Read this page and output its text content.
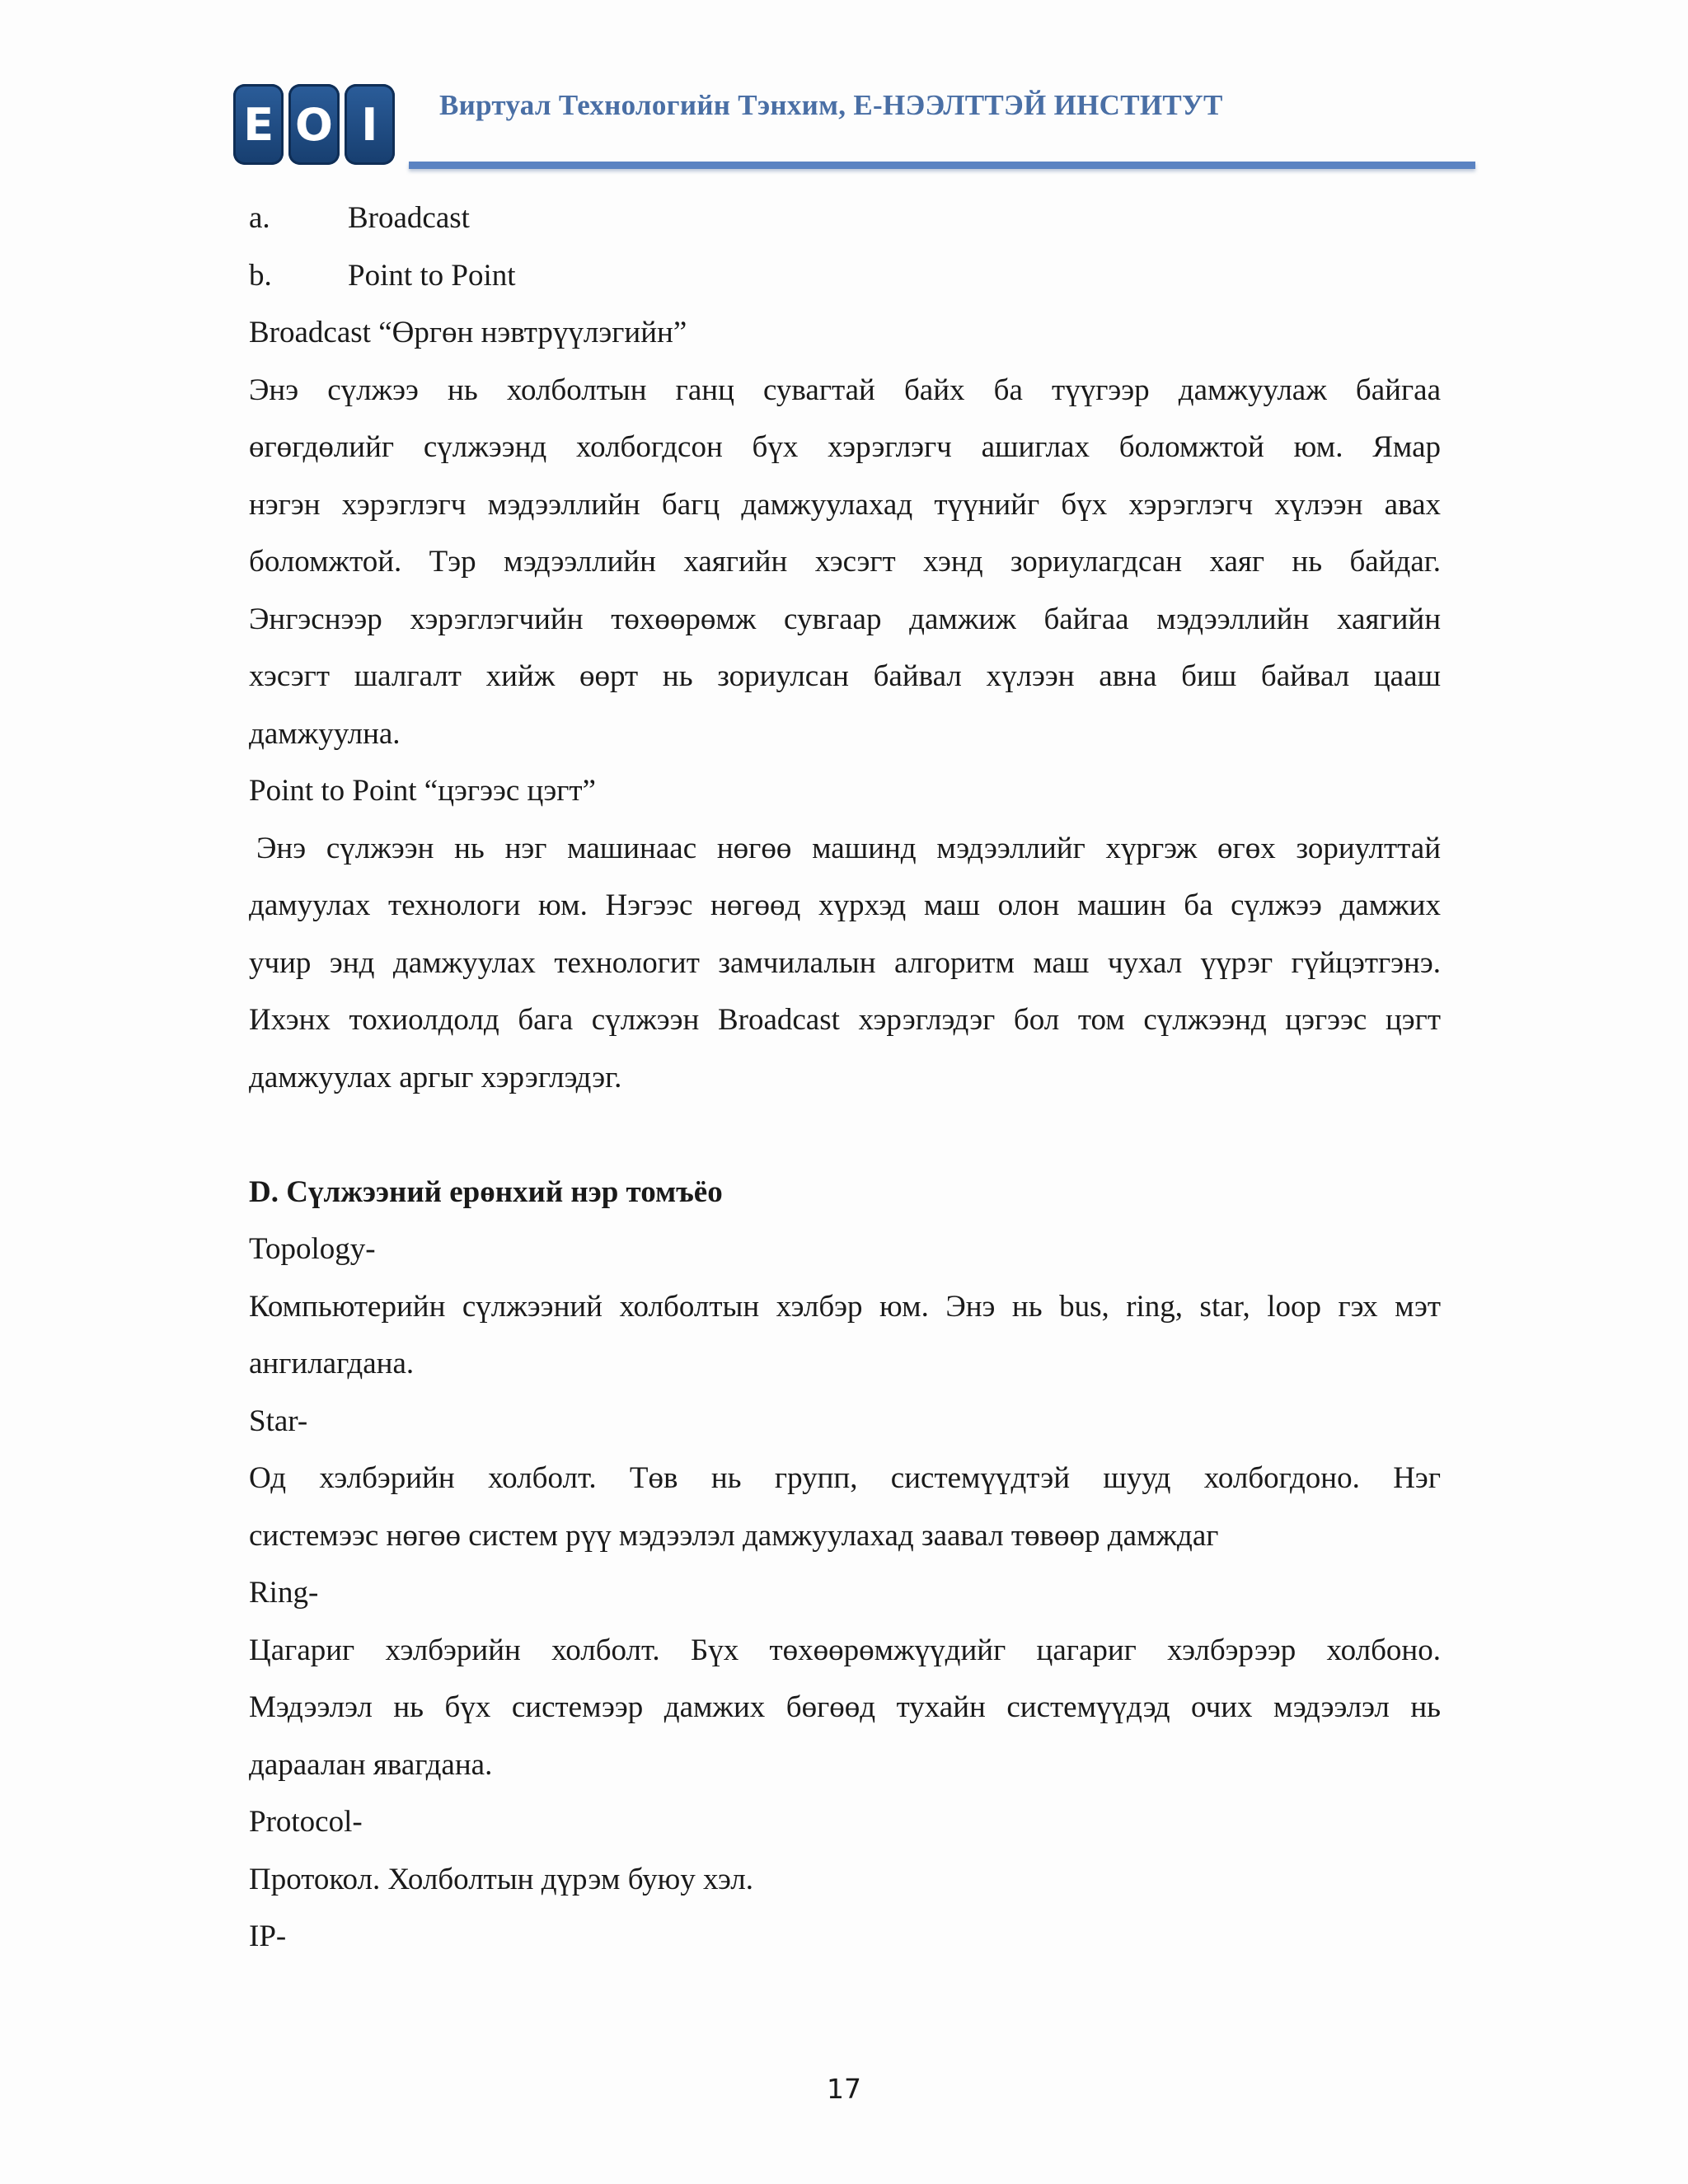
E O I	Виртуал Технологийн Тэнхим, Е-НЭЭЛТТЭЙ ИНСТИТУТ
a.	Broadcast
b. Point to Point
Broadcast “Өргөн нэвтрүүлэгийн”
Энэ сүлжээ нь холболтын ганц сувагтай байх ба түүгээр дамжуулаж байгаа
өгөгдөлийг сүлжээнд холбогдсон бүх хэрэглэгч ашиглах боломжтой юм. Ямар
нэгэн хэрэглэгч мэдээллийн багц дамжуулахад түүнийг бүх хэрэглэгч хүлээн авах
боломжтой. Тэр мэдээллийн хаягийн хэсэгт хэнд зориулагдсан хаяг нь байдаг.
Энгэснээр хэрэглэгчийн төхөөрөмж сувгаар дамжиж байгаа мэдээллийн хаягийн
хэсэгт шалгалт хийж өөрт нь зориулсан байвал хүлээн авна биш байвал цааш
дамжуулна.
Point to Point “цэгээс цэгт”
Энэ сүлжээн нь нэг машинаас нөгөө машинд мэдээллийг хүргэж өгөх зориулттай
дамуулах технологи юм. Нэгээс нөгөөд хүрхэд маш олон машин ба сүлжээ дамжих
учир энд дамжуулах технологит замчилалын алгоритм маш чухал үүрэг гүйцэтгэнэ.
Ихэнх тохиолдолд бага сүлжээн Broadcast хэрэглэдэг бол том сүлжээнд цэгээс цэгт
дамжуулах аргыг хэрэглэдэг.
D. Сүлжээний ерөнхий нэр томъёо
Topology-
Компьютерийн сүлжээний холболтын хэлбэр юм. Энэ нь bus, ring, star, loop гэх мэт
ангилагдана.
Star-
Од хэлбэрийн холболт. Төв нь групп, системүүдтэй шууд холбогдоно. Нэг
системээс нөгөө систем рүү мэдээлэл дамжуулахад заавал төвөөр дамждаг
Ring-
Цагариг хэлбэрийн холболт. Бүх төхөөрөмжүүдийг цагариг хэлбэрээр холбоно.
Мэдээлэл нь бүх системээр дамжих бөгөөд тухайн системүүдэд очих мэдээлэл нь
дараалан явагдана.
Protocol-
Протокол. Холболтын дүрэм буюу хэл.
IP-
17
